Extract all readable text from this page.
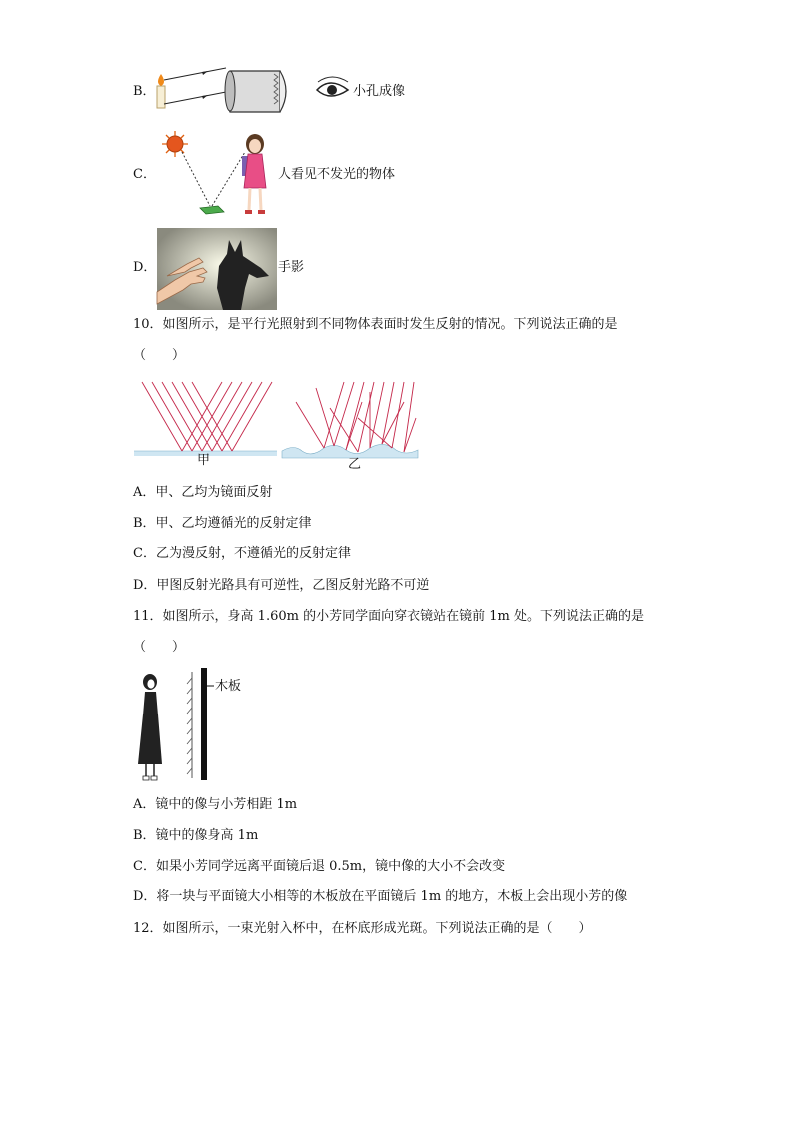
B．	小孔成像
C．	人看见不发光的物体
D．	手影
10．如图所示，是平行光照射到不同物体表面时发生反射的情况。下列说法正确的是
（　　）
甲	乙
A．甲、乙均为镜面反射
B．甲、乙均遵循光的反射定律
C．乙为漫反射，不遵循光的反射定律
D．甲图反射光路具有可逆性，乙图反射光路不可逆
11．如图所示，身高 1.60m 的小芳同学面向穿衣镜站在镜前 1m 处。下列说法正确的是
（　　）
木板
A．镜中的像与小芳相距 1m
B．镜中的像身高 1m
C．如果小芳同学远离平面镜后退 0.5m，镜中像的大小不会改变
D．将一块与平面镜大小相等的木板放在平面镜后 1m 的地方，木板上会出现小芳的像
12．如图所示，一束光射入杯中，在杯底形成光斑。下列说法正确的是（　　）
